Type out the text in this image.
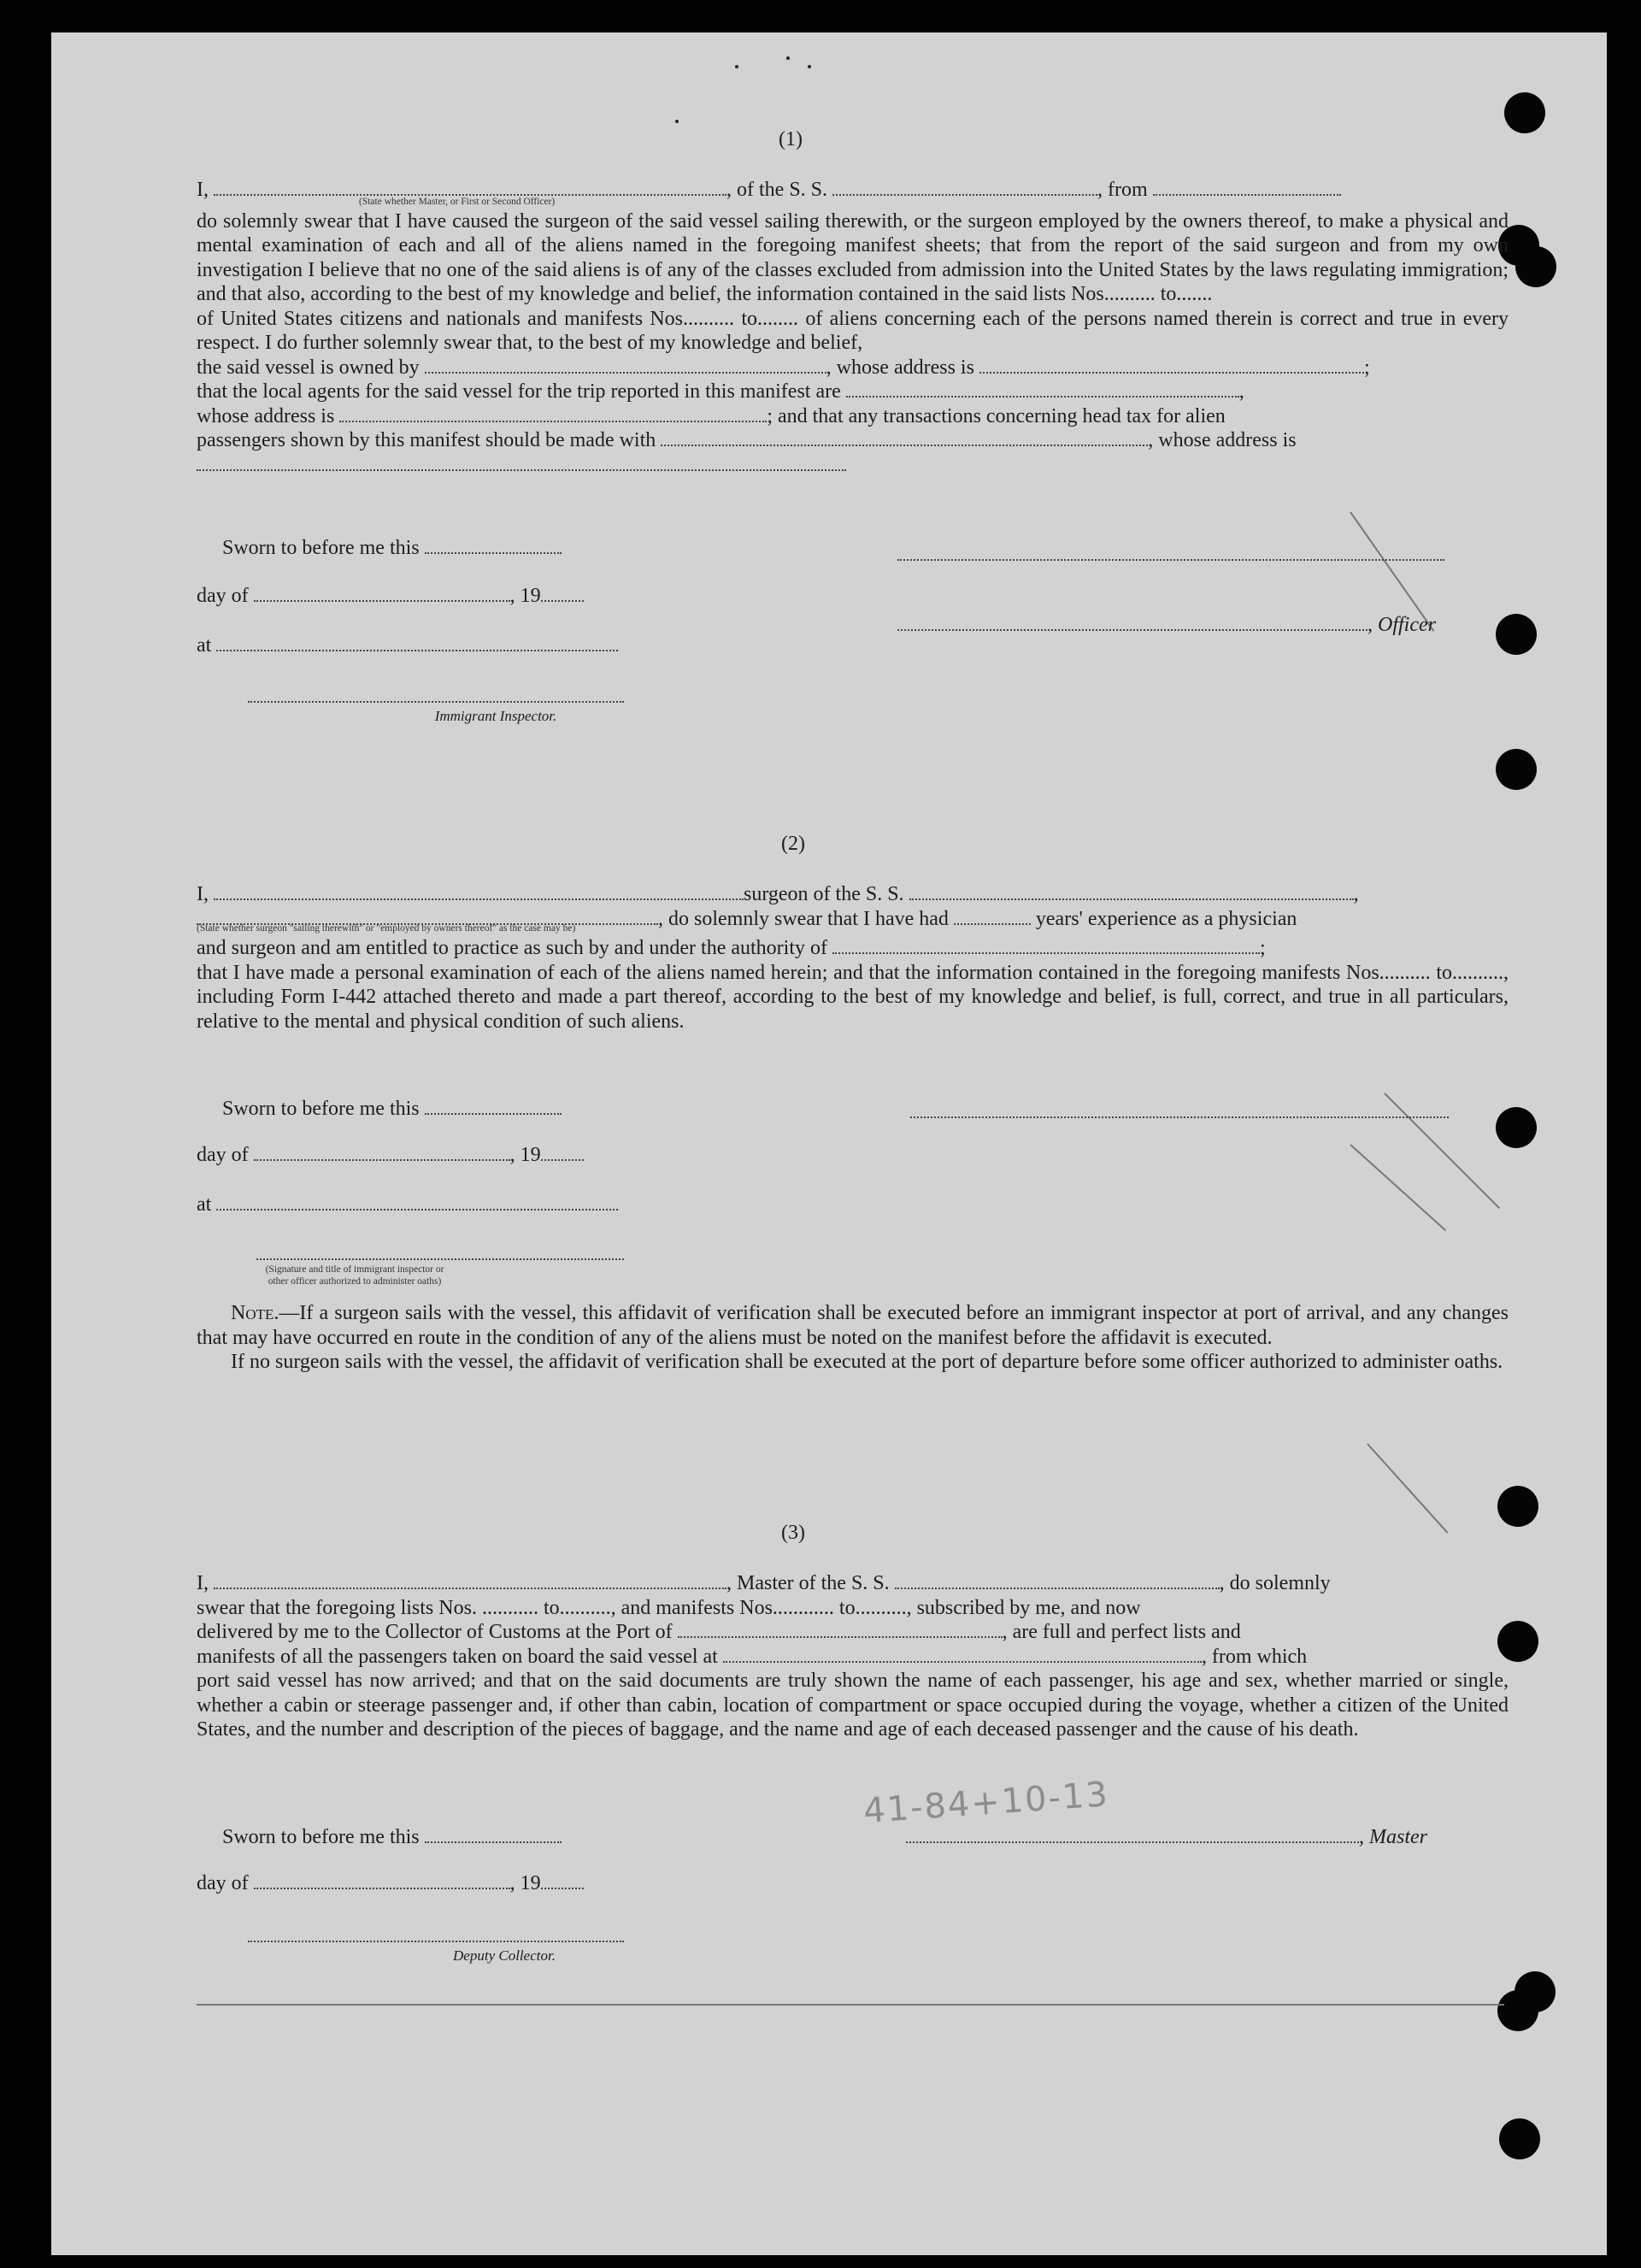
(1)
I,	, of the S. S.	, from
(State whether Master, or First or Second Officer)

do solemnly swear that I have caused the surgeon of the said vessel sailing therewith, or the surgeon employed by the owners thereof, to make a physical and mental examination of each and all of the aliens named in the foregoing manifest sheets; that from the report of the said surgeon and from my own investigation I believe that no one of the said aliens is of any of the classes excluded from admission into the United States by the laws regulating immigration; and that also, according to the best of my knowledge and belief, the information contained in the said lists Nos.......... to.......

of United States citizens and nationals and manifests Nos.......... to........ of aliens concerning each of the persons named therein is correct and true in every respect. I do further solemnly swear that, to the best of my knowledge and belief,

the said vessel is owned by	, whose address is	;
that the local agents for the said vessel for the trip reported in this manifest are	,
whose address is	; and that any transactions concerning head tax for alien
passengers shown by this manifest should be made with	, whose address is
Sworn to before me this
day of	, 19
at
Immigrant Inspector.
, Officer
(2)
I,	surgeon of the S. S.	,
, do solemnly swear that I have had	years' experience as a physician
(State whether surgeon "sailing therewith" or "employed by owners thereof" as the case may be)
and surgeon and am entitled to practice as such by and under the authority of	;

that I have made a personal examination of each of the aliens named herein; and that the information contained in the foregoing manifests Nos.......... to.........., including Form I-442 attached thereto and made a part thereof, according to the best of my knowledge and belief, is full, correct, and true in all particulars, relative to the mental and physical condition of such aliens.

Sworn to before me this
day of	, 19
at
(Signature and title of immigrant inspector or other officer authorized to administer oaths)

Note.—If a surgeon sails with the vessel, this affidavit of verification shall be executed before an immigrant inspector at port of arrival, and any changes that may have occurred en route in the condition of any of the aliens must be noted on the manifest before the affidavit is executed.

If no surgeon sails with the vessel, the affidavit of verification shall be executed at the port of departure before some officer authorized to administer oaths.

(3)
I,	, Master of the S. S.	, do solemnly

swear that the foregoing lists Nos. ........... to.........., and manifests Nos............ to.........., subscribed by me, and now

delivered by me to the Collector of Customs at the Port of	, are full and perfect lists and
manifests of all the passengers taken on board the said vessel at	, from which

port said vessel has now arrived; and that on the said documents are truly shown the name of each passenger, his age and sex, whether married or single, whether a cabin or steerage passenger and, if other than cabin, location of compartment or space occupied during the voyage, whether a citizen of the United States, and the number and description of the pieces of baggage, and the name and age of each deceased passenger and the cause of his death.

41-84+10-13
Sworn to before me this	, Master
day of	, 19
Deputy Collector.
